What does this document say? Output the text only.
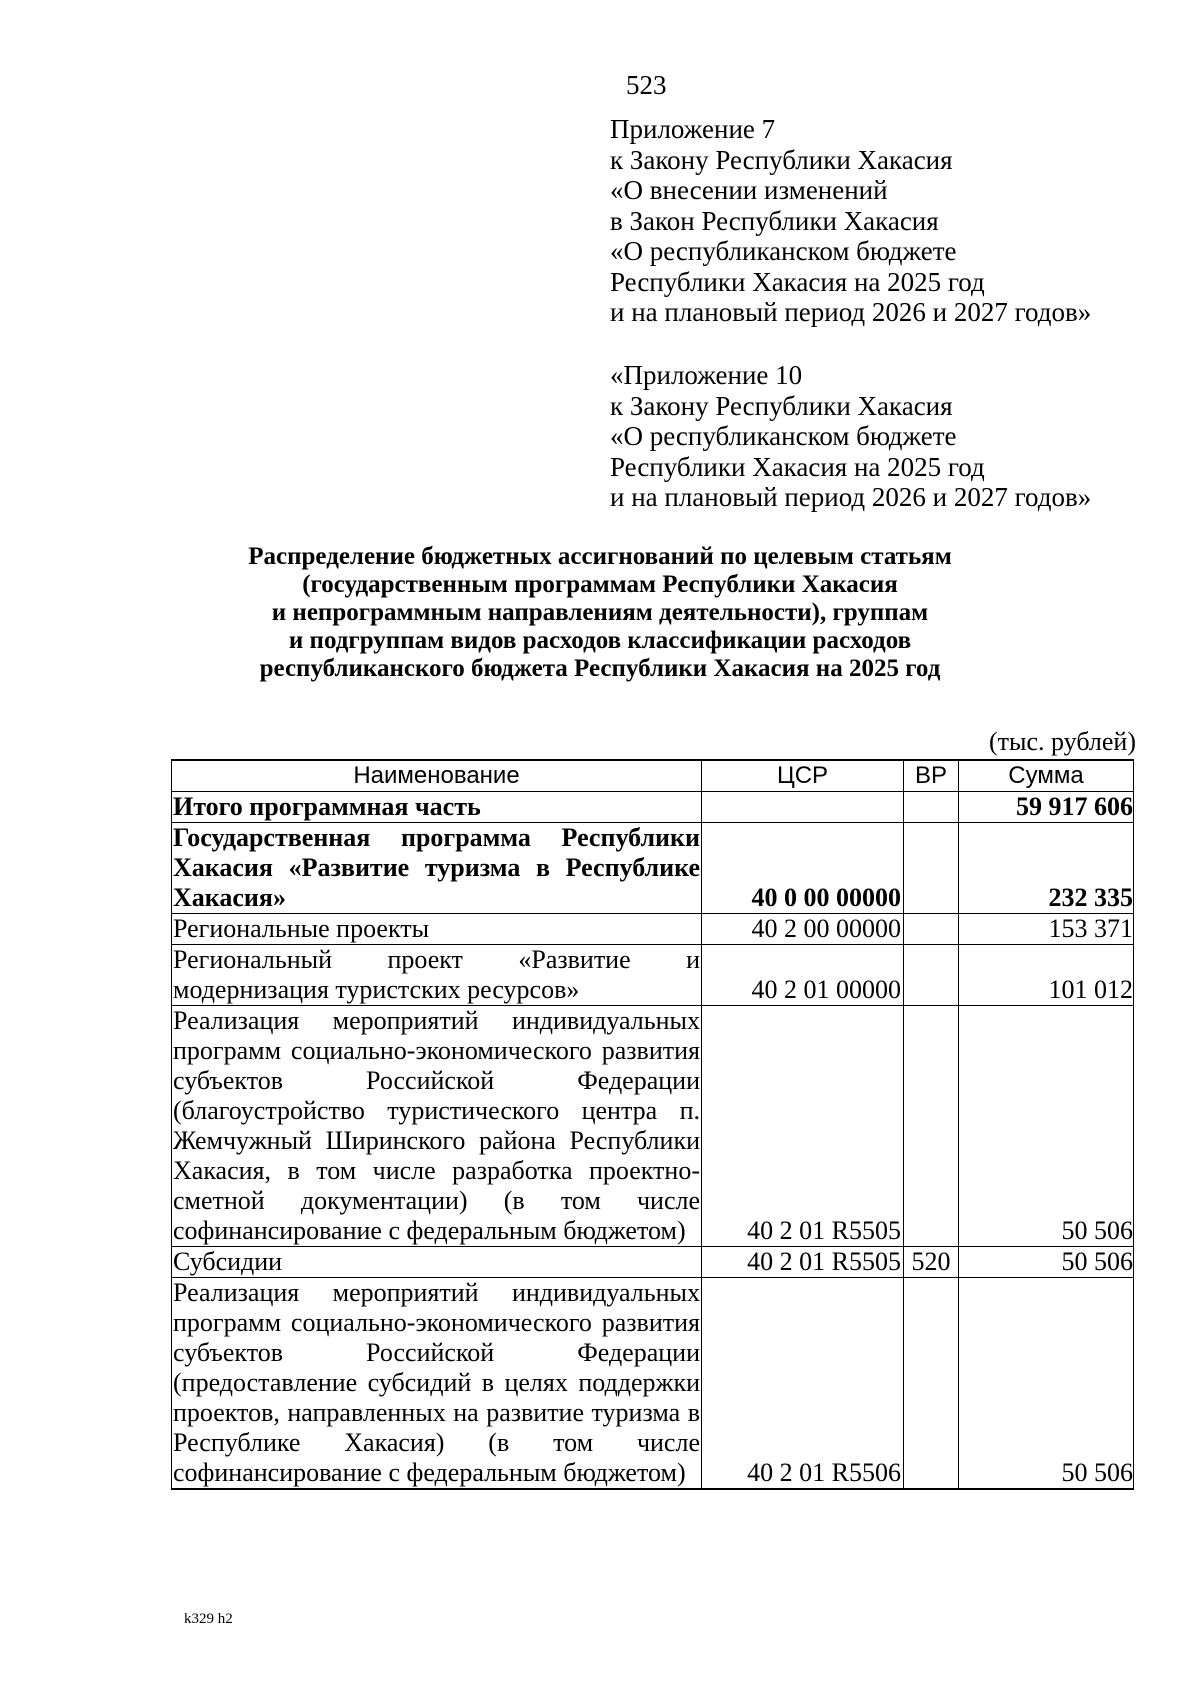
523
Приложение 7
к Закону Республики Хакасия
«О внесении изменений
в Закон Республики Хакасия
«О республиканском бюджете
Республики Хакасия на 2025 год
и на плановый период 2026 и 2027 годов»
«Приложение 10
к Закону Республики Хакасия
«О республиканском бюджете
Республики Хакасия на 2025 год
и на плановый период 2026 и 2027 годов»
Распределение бюджетных ассигнований по целевым статьям
(государственным программам Республики Хакасия
и непрограммным направлениям деятельности), группам
и подгруппам видов расходов классификации расходов
республиканского бюджета Республики Хакасия на 2025 год
(тыс. рублей)
Наименование	ЦСР	ВР	Сумма
Итого программная часть			59 917 606
Государственная программа Республики Хакасия «Развитие туризма в Республике Хакасия»	40 0 00 00000		232 335
Региональные проекты	40 2 00 00000		153 371
Региональный проект «Развитие и модернизация туристских ресурсов»	40 2 01 00000		101 012
Реализация мероприятий индивидуальных программ социально-экономического развития субъектов Российской Федерации (благоустройство туристического центра п. Жемчужный Ширинского района Республики Хакасия, в том числе разработка проектно-сметной документации) (в том числе софинансирование с федеральным бюджетом)	40 2 01 R5505		50 506
Субсидии	40 2 01 R5505	520	50 506
Реализация мероприятий индивидуальных программ социально-экономического развития субъектов Российской Федерации (предоставление субсидий в целях поддержки проектов, направленных на развитие туризма в Республике Хакасия) (в том числе софинансирование с федеральным бюджетом)	40 2 01 R5506		50 506
k329 h2
